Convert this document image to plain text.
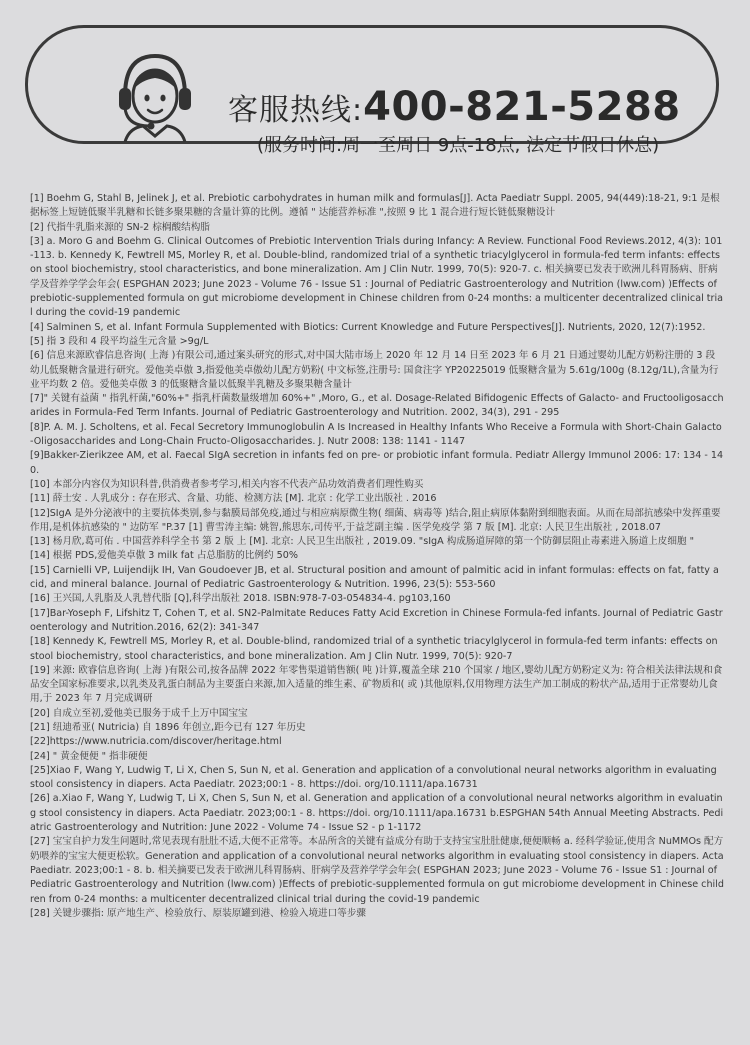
客服热线: 400-821-5288
(服务时间:周一至周日 9点-18点, 法定节假日休息)

[1] Boehm G, Stahl B, Jelinek J, et al. Prebiotic carbohydrates in human milk and formulas[J]. Acta Paediatr Suppl. 2005, 94(449):18-21, 9:1 是根据标签上短链低聚半乳糖和长链多聚果糖的含量计算的比例。遵循 " 达能营养标准 ",按照 9 比 1 混合进行短长链低聚糖设计

[2] 代指牛乳脂来源的 SN-2 棕榈酸结构脂

[3] a. Moro G and Boehm G. Clinical Outcomes of Prebiotic Intervention Trials during Infancy: A Review. Functional Food Reviews.2012, 4(3): 101-113. b. Kennedy K, Fewtrell MS, Morley R, et al. Double-blind, randomized trial of a synthetic triacylglycerol in formula-fed term infants: effects on stool biochemistry, stool characteristics, and bone mineralization. Am J Clin Nutr. 1999, 70(5): 920-7. c. 相关摘要已发表于欧洲儿科胃肠病、肝病学及营养学学会年会( ESPGHAN 2023; June 2023 - Volume 76 - Issue S1 : Journal of Pediatric Gastroenterology and Nutrition (lww.com) )Effects of prebiotic-supplemented formula on gut microbiome development in Chinese children from 0-24 months: a multicenter decentralized clinical trial during the covid-19 pandemic

[4] Salminen S, et al. Infant Formula Supplemented with Biotics: Current Knowledge and Future Perspectives[J]. Nutrients, 2020, 12(7):1952.

[5] 指 3 段和 4 段平均益生元含量 >9g/L

[6] 信息来源欧睿信息咨询( 上海 )有限公司,通过案头研究的形式,对中国大陆市场上 2020 年 12 月 14 日至 2023 年 6 月 21 日通过婴幼儿配方奶粉注册的 3 段幼儿低聚糖含量进行研究。爱他美卓傲 3,指爱他美卓傲幼儿配方奶粉( 中文标签,注册号: 国食注字 YP20225019 低聚糖含量为 5.61g/100g (8.12g/1L),含量为行业平均数 2 倍。爱他美卓傲 3 的低聚糖含量以低聚半乳糖及多聚果糖含量计

[7]" 关键有益菌 " 指乳杆菌,"60%+" 指乳杆菌数量级增加 60%+" ,Moro, G., et al. Dosage-Related Bifidogenic Effects of Galacto- and Fructooligosaccharides in Formula-Fed Term Infants. Journal of Pediatric Gastroenterology and Nutrition. 2002, 34(3), 291 - 295

[8]P. A. M. J. Scholtens, et al. Fecal Secretory Immunoglobulin A Is Increased in Healthy Infants Who Receive a Formula with Short-Chain Galacto-Oligosaccharides and Long-Chain Fructo-Oligosaccharides. J. Nutr 2008: 138: 1141 - 1147

[9]Bakker-Zierikzee AM, et al. Faecal SIgA secretion in infants fed on pre- or probiotic infant formula. Pediatr Allergy Immunol 2006: 17: 134 - 140.

[10] 本部分内容仅为知识科普,供消费者参考学习,相关内容不代表产品功效消费者们理性购买

[11] 薛士安 . 人乳成分 : 存在形式、含量、功能、检测方法 [M]. 北京 : 化学工业出版社 . 2016

[12]SIgA 是外分泌液中的主要抗体类别,参与黏膜局部免疫,通过与相应病原微生物( 细菌、病毒等 )结合,阻止病原体黏附到细胞表面。从而在局部抗感染中发挥重要作用,是机体抗感染的 " 边防军 "P.37 [1] 曹雪涛主编: 姚智,熊思东,司传平,于益芝副主编 . 医学免疫学 第 7 版 [M]. 北京: 人民卫生出版社 , 2018.07

[13] 杨月欣,葛可佑 . 中国营养科学全书 第 2 版 上 [M]. 北京: 人民卫生出版社 , 2019.09. "sIgA 构成肠道屏障的第一个防御层阻止毒素进入肠道上皮细胞 "

[14] 根据 PDS,爱他美卓傲 3 milk fat 占总脂肪的比例约 50%

[15] Carnielli VP, Luijendijk IH, Van Goudoever JB, et al. Structural position and amount of palmitic acid in infant formulas: effects on fat, fatty acid, and mineral balance. Journal of Pediatric Gastroenterology & Nutrition. 1996, 23(5): 553-560

[16] 王兴国,人乳脂及人乳替代脂 [Q],科学出版社 2018. ISBN:978-7-03-054834-4. pg103,160

[17]Bar-Yoseph F, Lifshitz T, Cohen T, et al. SN2-Palmitate Reduces Fatty Acid Excretion in Chinese Formula-fed infants. Journal of Pediatric Gastroenterology and Nutrition.2016, 62(2): 341-347

[18] Kennedy K, Fewtrell MS, Morley R, et al. Double-blind, randomized trial of a synthetic triacylglycerol in formula-fed term infants: effects on stool biochemistry, stool characteristics, and bone mineralization. Am J Clin Nutr. 1999, 70(5): 920-7

[19] 来源: 欧睿信息咨询( 上海 )有限公司,按各品牌 2022 年零售渠道销售额( 吨 )计算,覆盖全球 210 个国家 / 地区,婴幼儿配方奶粉定义为: 符合相关法律法规和食品安全国家标准要求,以乳类及乳蛋白制品为主要蛋白来源,加入适量的维生素、矿物质和( 或 )其他原料,仅用物理方法生产加工制成的粉状产品,适用于正常婴幼儿食用,于 2023 年 7 月完成调研

[20] 自成立至初,爱他美已服务于成千上万中国宝宝

[21] 纽迪希亚( Nutricia) 自 1896 年创立,距今已有 127 年历史

[22]https://www.nutricia.com/discover/heritage.html

[24] " 黄金便便 " 指非硬便

[25]Xiao F, Wang Y, Ludwig T, Li X, Chen S, Sun N, et al. Generation and application of a convolutional neural networks algorithm in evaluating stool consistency in diapers. Acta Paediatr. 2023;00:1 - 8. https://doi. org/10.1111/apa.16731

[26] a.Xiao F, Wang Y, Ludwig T, Li X, Chen S, Sun N, et al. Generation and application of a convolutional neural networks algorithm in evaluating stool consistency in diapers. Acta Paediatr. 2023;00:1 - 8. https://doi. org/10.1111/apa.16731 b.ESPGHAN 54th Annual Meeting Abstracts. Pediatric Gastroenterology and Nutrition: June 2022 - Volume 74 - Issue S2 - p 1-1172

[27] 宝宝自护力发生问题时,常见表现有肚肚不适,大便不正常等。本品所含的关键有益成分有助于支持宝宝肚肚健康,便便顺畅 a. 经科学验证,使用含 NuMMOs 配方奶喂养的宝宝大便更松软。Generation and application of a convolutional neural networks algorithm in evaluating stool consistency in diapers. Acta Paediatr. 2023;00:1 - 8. b. 相关摘要已发表于欧洲儿科胃肠病、肝病学及营养学学会年会( ESPGHAN 2023; June 2023 - Volume 76 - Issue S1 : Journal of Pediatric Gastroenterology and Nutrition (lww.com) )Effects of prebiotic-supplemented formula on gut microbiome development in Chinese children from 0-24 months: a multicenter decentralized clinical trial during the covid-19 pandemic

[28] 关键步骤指: 原产地生产、检验放行、原装原罐到港、检验入境进口等步骤
